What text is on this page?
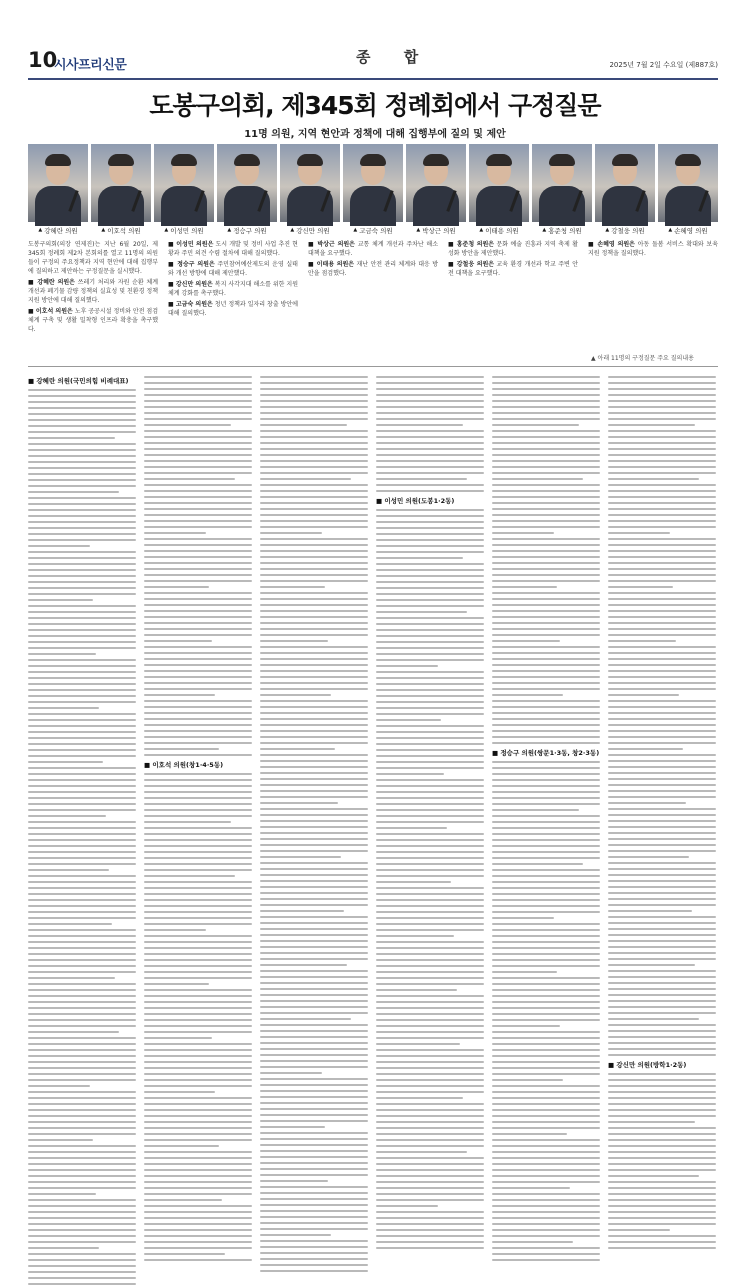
10
시사프리신문	종 합	2025년 7월 2일 수요일 (제887호)
도봉구의회, 제345회 정례회에서 구정질문
11명 의원, 지역 현안과 정책에 대해 집행부에 질의 및 제안
▲ 강혜란 의원	▲ 이호석 의원	▲ 이성민 의원	▲ 정승구 의원	▲ 강신만 의원	▲ 고금숙 의원	▲ 박상근 의원	▲ 이태용 의원	▲ 홍준청 의원	▲ 강철웅 의원	▲ 손혜영 의원

도봉구의회(의장 연제진)는 지난 6월 20일, 제345회 정례회 제2차 본회의를 열고 11명의 의원들이 구정의 주요정책과 지역 현안에 대해 집행부에 질의하고 제안하는 구정질문을 실시했다.

■ 강혜란 의원은 쓰레기 처리와 자원 순환 체계 개선과 폐기물 감량 정책의 실효성 및 친환경 정책 지원 방안에 대해 질의했다.

■ 이호석 의원은 노후 공공시설 정비와 안전 점검 체계 구축 및 생활 밀착형 인프라 확충을 촉구했다.

■ 이성민 의원은 도시 개발 및 정비 사업 추진 현황과 주민 의견 수렴 절차에 대해 질의했다.

■ 정승구 의원은 주민참여예산제도의 운영 실태와 개선 방향에 대해 제안했다.

■ 강신만 의원은 복지 사각지대 해소를 위한 지원 체계 강화를 촉구했다.

■ 고금숙 의원은 청년 정책과 일자리 창출 방안에 대해 질의했다.

■ 박상근 의원은 교통 체계 개선과 주차난 해소 대책을 요구했다.

■ 이태용 의원은 재난 안전 관리 체계와 대응 방안을 점검했다.

■ 홍준청 의원은 문화 예술 진흥과 지역 축제 활성화 방안을 제안했다.

■ 강철웅 의원은 교육 환경 개선과 학교 주변 안전 대책을 요구했다.

■ 손혜영 의원은 아동 돌봄 서비스 확대와 보육 지원 정책을 질의했다.

▲ 아래 11명의 구정질문 주요 질의내용
■ 강혜란 의원(국민의힘 비례대표)
■ 이호석 의원(창1·4·5동)
■ 이성민 의원(도봉1·2동)
■ 정승구 의원(쌍문1·3동, 창2·3동)
■ 강신만 의원(방학1·2동)
